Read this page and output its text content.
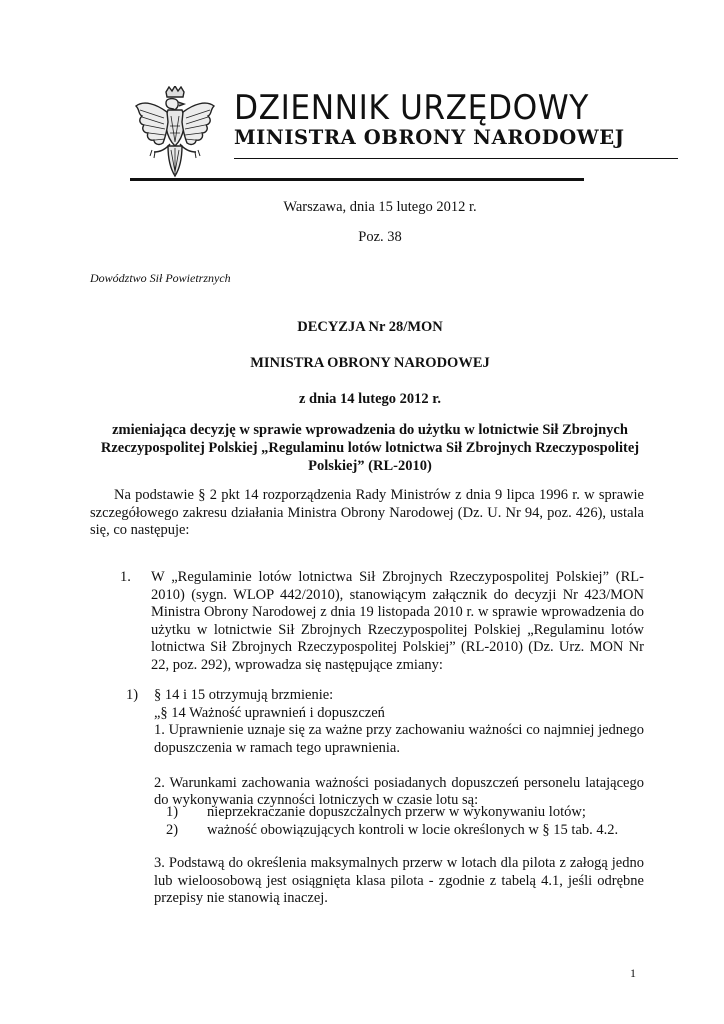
DZIENNIK URZĘDOWY
MINISTRA OBRONY NARODOWEJ
Warszawa, dnia 15 lutego 2012 r.
Poz. 38
Dowództwo Sił Powietrznych
DECYZJA Nr 28/MON
MINISTRA OBRONY NARODOWEJ
z dnia 14 lutego 2012 r.
zmieniająca decyzję w sprawie wprowadzenia do użytku w lotnictwie Sił Zbrojnych Rzeczypospolitej Polskiej „Regulaminu lotów lotnictwa Sił Zbrojnych Rzeczypospolitej Polskiej” (RL-2010)
Na podstawie § 2 pkt 14 rozporządzenia Rady Ministrów z dnia 9 lipca 1996 r. w sprawie szczegółowego zakresu działania Ministra Obrony Narodowej (Dz. U. Nr 94, poz. 426), ustala się, co następuje:
1. W „Regulaminie lotów lotnictwa Sił Zbrojnych Rzeczypospolitej Polskiej” (RL-2010) (sygn. WLOP 442/2010), stanowiącym załącznik do decyzji Nr 423/MON Ministra Obrony Narodowej z dnia 19 listopada 2010 r. w sprawie wprowadzenia do użytku w lotnictwie Sił Zbrojnych Rzeczypospolitej Polskiej „Regulaminu lotów lotnictwa Sił Zbrojnych Rzeczypospolitej Polskiej” (RL-2010) (Dz. Urz. MON Nr 22, poz. 292), wprowadza się następujące zmiany:
1) § 14 i 15 otrzymują brzmienie:

„§ 14 Ważność uprawnień i dopuszczeń

1. Uprawnienie uznaje się za ważne przy zachowaniu ważności co najmniej jednego dopuszczenia w ramach tego uprawnienia.

2. Warunkami zachowania ważności posiadanych dopuszczeń personelu latającego do wykonywania czynności lotniczych w czasie lotu są:

1) nieprzekraczanie dopuszczalnych przerw w wykonywaniu lotów;
2) ważność obowiązujących kontroli w locie określonych w § 15 tab. 4.2.
3. Podstawą do określenia maksymalnych przerw w lotach dla pilota z załogą jedno lub wieloosobową jest osiągnięta klasa pilota - zgodnie z tabelą 4.1, jeśli odrębne przepisy nie stanowią inaczej.
1
